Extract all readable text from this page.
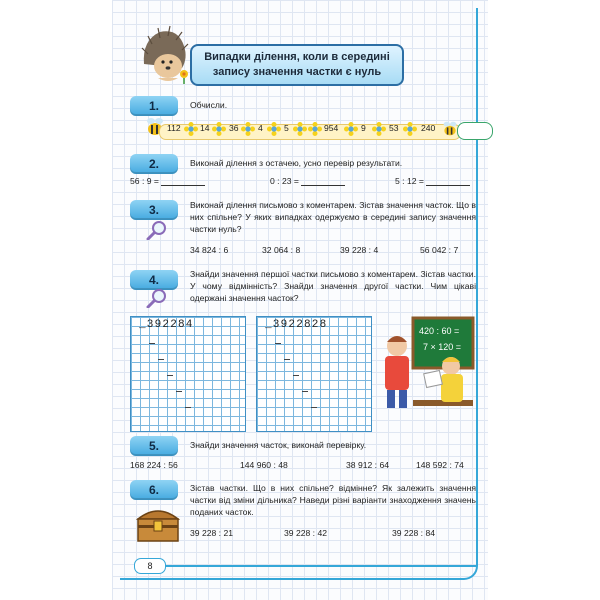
Випадки ділення, коли в середині
запису значення частки є нуль
1.	Обчисли.
112 14 36 4 5	954	9	53	240
2.	Виконай ділення з остачею, усно перевір результати.
56 : 9 =	0 : 23 =	5 : 12 =
3.	Виконай ділення письмово з коментарем. Зістав значення часток. Що в них спільне? У яких випадках одержуємо в середині запису значення частки нуль?
34 824 : 6	32 064 : 8	39 228 : 4	56 042 : 7
4.	Знайди значення першої частки письмово з коментарем. Зістав частки. У чому відмінність? Знайди значення другої частки. Чим цікаві одержані значення часток?
_392284	_3922828	420 : 60 =
7 × 120 =
5.	Знайди значення часток, виконай перевірку.
168 224 : 56	144 960 : 48	38 912 : 64	148 592 : 74
6.	Зістав частки. Що в них спільне? відмінне? Як залежить значення частки від зміни дільника? Наведи різні варіанти знаходження значень поданих часток.
39 228 : 21	39 228 : 42	39 228 : 84
8
